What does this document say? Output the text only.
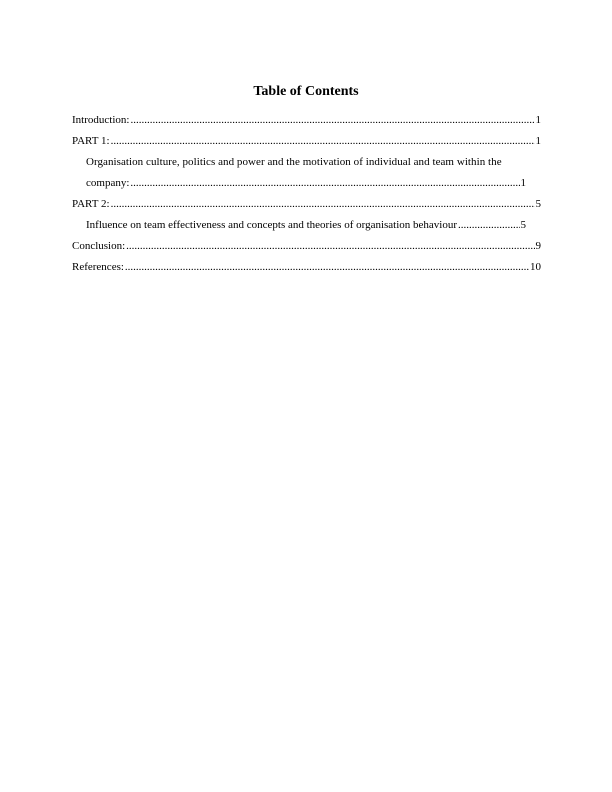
Table of Contents
Introduction: .....	1
PART 1: .....	1
Organisation culture, politics and power and the motivation of individual and team within the
company: .....	1
PART 2: .....	5
Influence on team effectiveness and concepts and theories of organisation behaviour .....	5
Conclusion: .....	9
References: .....	10
